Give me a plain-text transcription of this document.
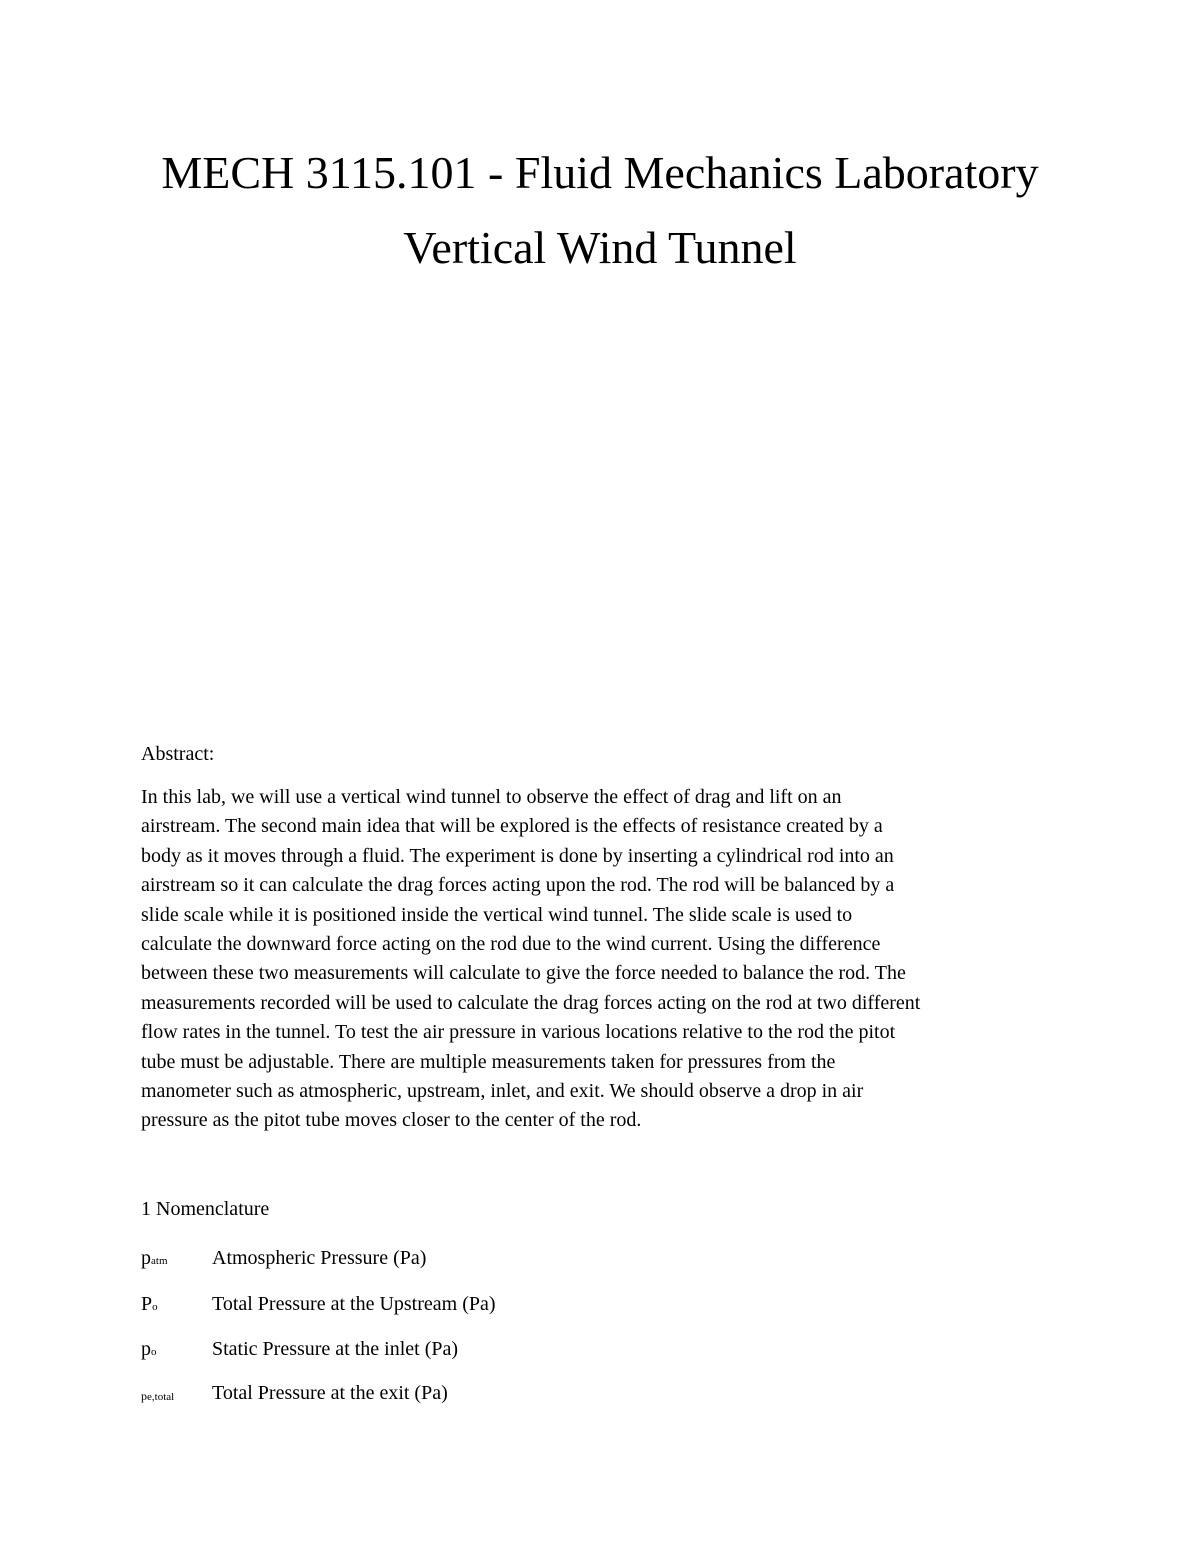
MECH 3115.101 - Fluid Mechanics Laboratory
Vertical Wind Tunnel

Abstract:

In this lab, we will use a vertical wind tunnel to observe the effect of drag and lift on an
airstream. The second main idea that will be explored is the effects of resistance created by a
body as it moves through a fluid. The experiment is done by inserting a cylindrical rod into an
airstream so it can calculate the drag forces acting upon the rod. The rod will be balanced by a
slide scale while it is positioned inside the vertical wind tunnel. The slide scale is used to
calculate the downward force acting on the rod due to the wind current. Using the difference
between these two measurements will calculate to give the force needed to balance the rod. The
measurements recorded will be used to calculate the drag forces acting on the rod at two different
flow rates in the tunnel. To test the air pressure in various locations relative to the rod the pitot
tube must be adjustable. There are multiple measurements taken for pressures from the
manometer such as atmospheric, upstream, inlet, and exit. We should observe a drop in air
pressure as the pitot tube moves closer to the center of the rod.

1 Nomenclature

patm Atmospheric Pressure (Pa)
Po	Total Pressure at the Upstream (Pa)
po	Static Pressure at the inlet (Pa)
pe,total Total Pressure at the exit (Pa)
